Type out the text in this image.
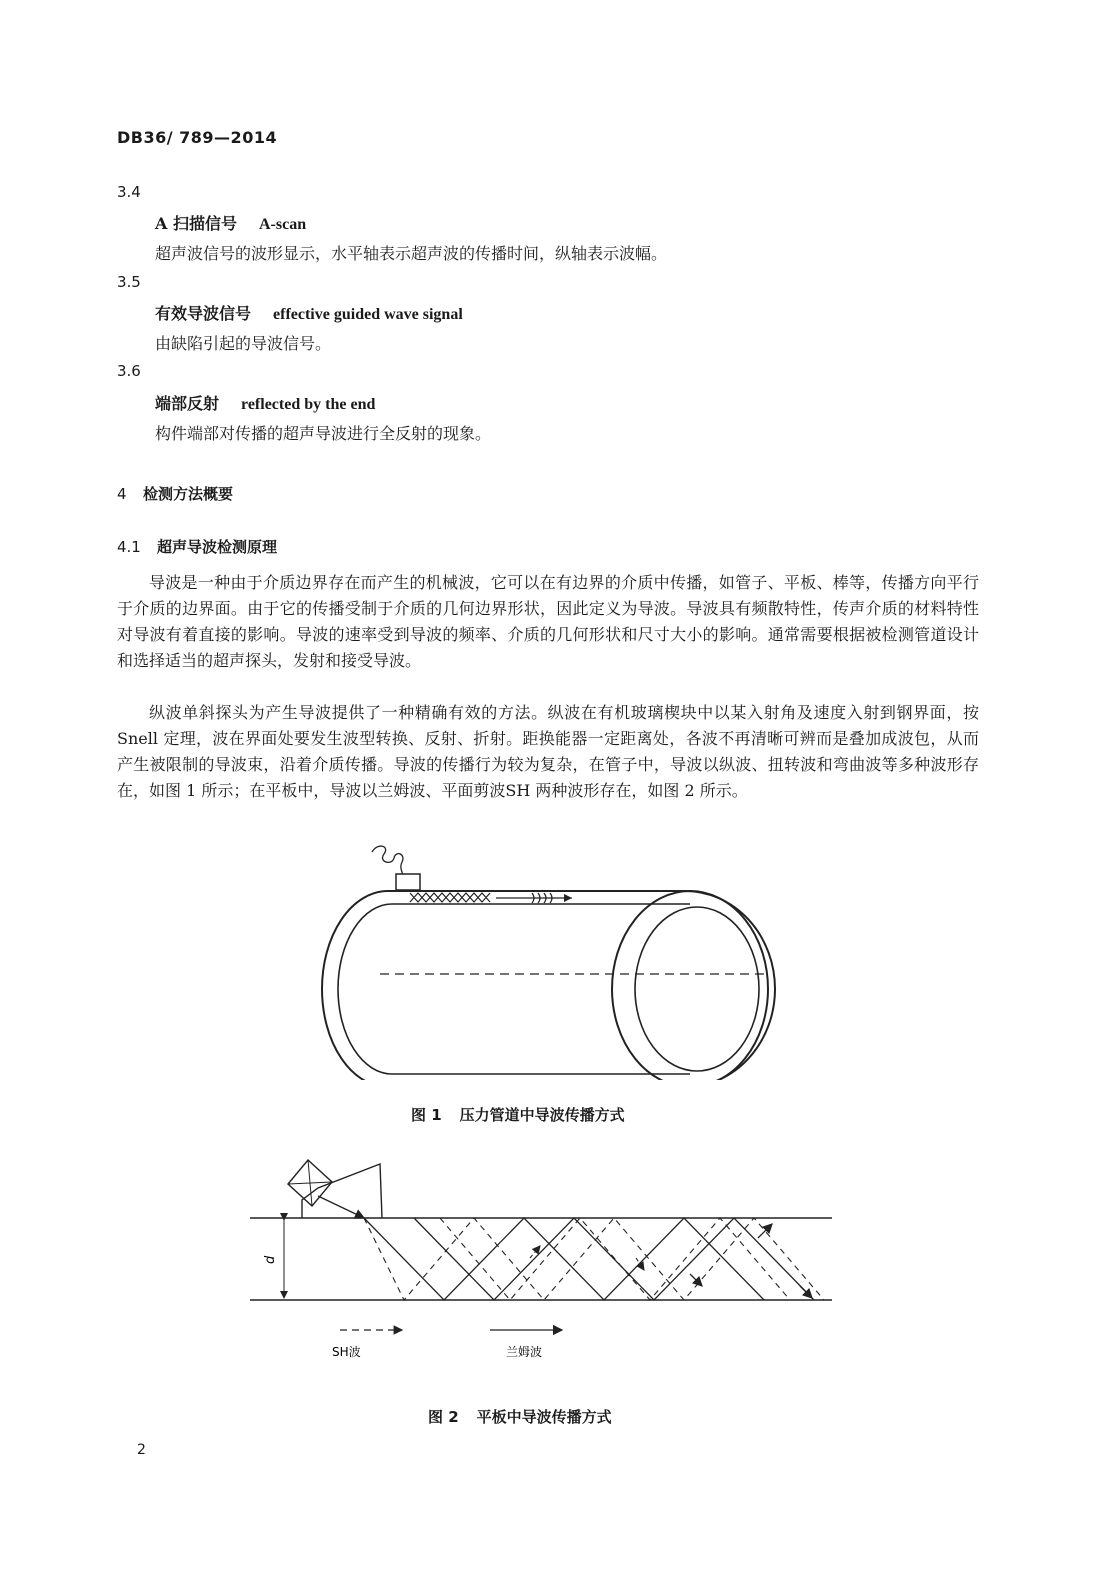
DB36/ 789—2014
3.4
A 扫描信号 A-scan
超声波信号的波形显示，水平轴表示超声波的传播时间，纵轴表示波幅。
3.5
有效导波信号 effective guided wave signal
由缺陷引起的导波信号。
3.6
端部反射 reflected by the end
构件端部对传播的超声导波进行全反射的现象。
4 检测方法概要
4.1 超声导波检测原理
导波是一种由于介质边界存在而产生的机械波，它可以在有边界的介质中传播，如管子、平板、棒等，传播方向平行于介质的边界面。由于它的传播受制于介质的几何边界形状，因此定义为导波。导波具有频散特性，传声介质的材料特性对导波有着直接的影响。导波的速率受到导波的频率、介质的几何形状和尺寸大小的影响。通常需要根据被检测管道设计和选择适当的超声探头，发射和接受导波。
纵波单斜探头为产生导波提供了一种精确有效的方法。纵波在有机玻璃楔块中以某入射角及速度入射到钢界面，按 Snell 定理，波在界面处要发生波型转换、反射、折射。距换能器一定距离处，各波不再清晰可辨而是叠加成波包，从而产生被限制的导波束，沿着介质传播。导波的传播行为较为复杂，在管子中，导波以纵波、扭转波和弯曲波等多种波形存在，如图 1 所示；在平板中，导波以兰姆波、平面剪波SH 两种波形存在，如图 2 所示。
图 1 压力管道中导波传播方式
d
SH波	兰姆波
图 2 平板中导波传播方式
2
